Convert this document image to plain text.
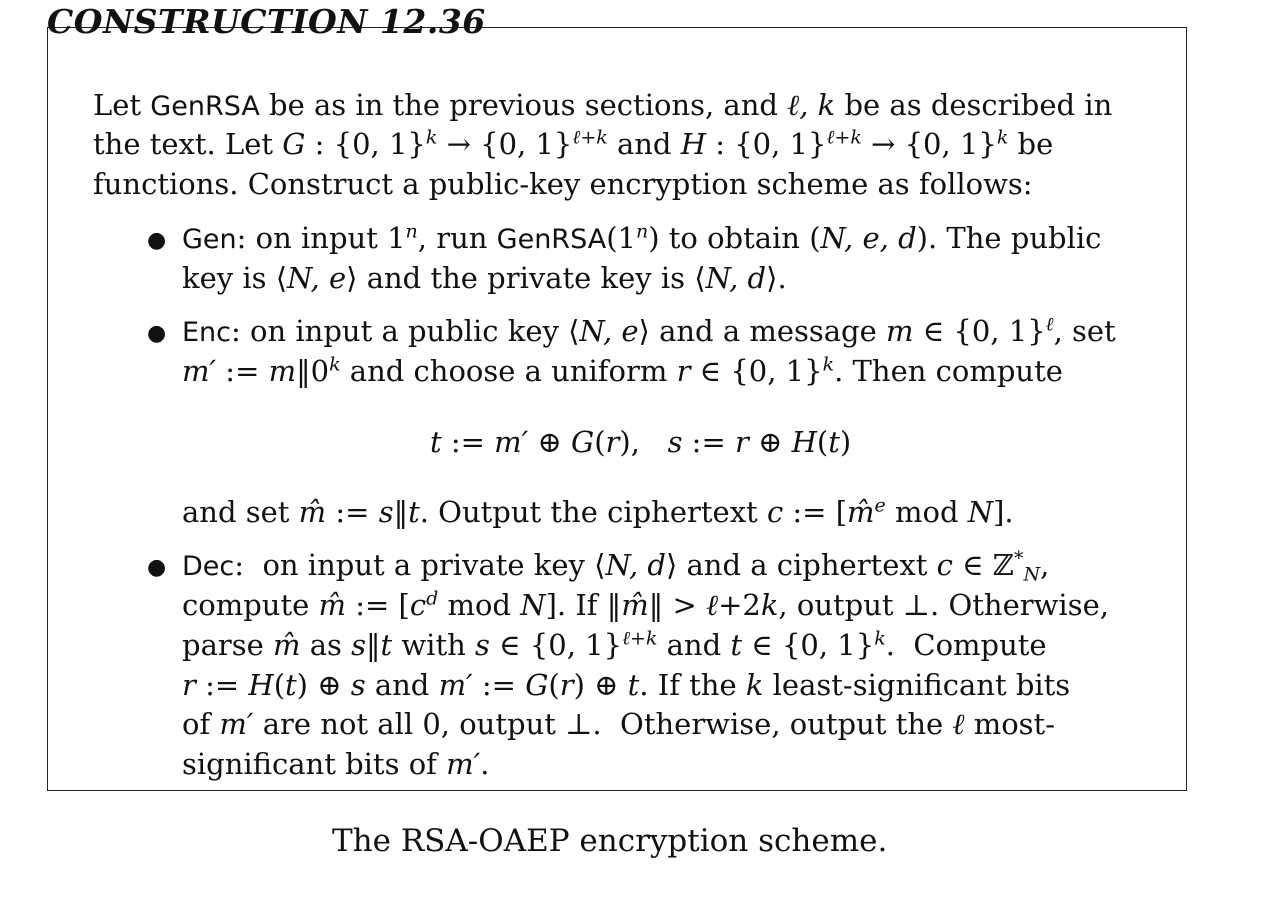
CONSTRUCTION 12.36
Let GenRSA be as in the previous sections, and ℓ, k be as described in
the text. Let G : {0, 1}$^k$ → {0, 1}$^{\ell+k}$ and H : {0, 1}$^{\ell+k}$ → {0, 1}$^k$ be
functions. Construct a public-key encryption scheme as follows:
● Gen: on input 1$^n$, run GenRSA(1$^n$) to obtain (N, e, d). The public
key is ⟨N, e⟩ and the private key is ⟨N, d⟩.
● Enc: on input a public key ⟨N, e⟩ and a message m ∈ {0, 1}$^\ell$, set
m′ := $m‖0^k$ and choose a uniform r ∈ {0, 1}$^k$. Then compute
t := m′ ⊕ G(r),   s := r ⊕ H(t)
and set m̂ := s‖t. Output the ciphertext c := [m̂$^e$ mod N].
● Dec:  on input a private key ⟨N, d⟩ and a ciphertext c ∈ ℤ*$_N$,
compute m̂ := [$c^d$ mod N]. If ‖m̂‖ > ℓ+2k, output ⊥. Otherwise,
parse m̂ as s‖t with s ∈ {0, 1}$^{\ell+k}$ and t ∈ {0, 1}$^k$.  Compute
r := H(t) ⊕ s and m′ := G(r) ⊕ t. If the k least-significant bits
of m′ are not all 0, output ⊥.  Otherwise, output the ℓ most-
significant bits of m′.
The RSA-OAEP encryption scheme.
